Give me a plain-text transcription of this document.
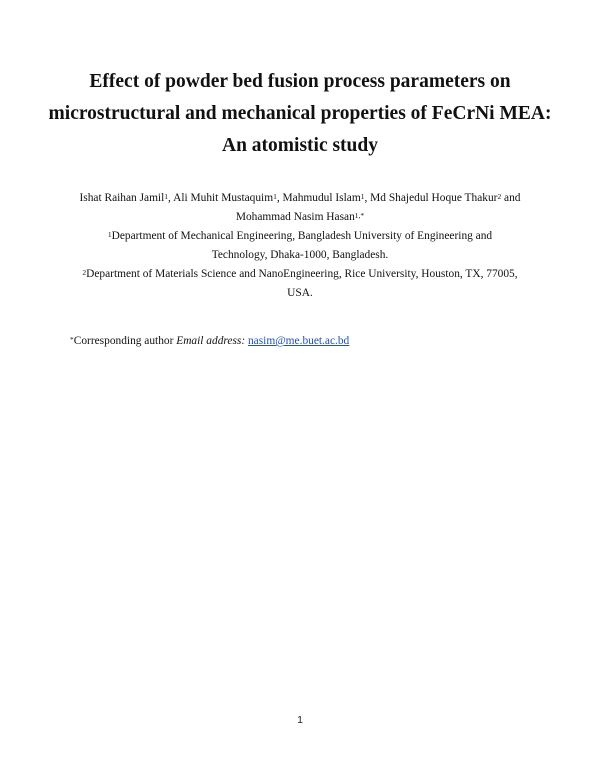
Effect of powder bed fusion process parameters on
microstructural and mechanical properties of FeCrNi MEA:
An atomistic study
Ishat Raihan Jamil$^1$, Ali Muhit Mustaquim$^1$, Mahmudul Islam$^1$, Md Shajedul Hoque Thakur$^2$ and
Mohammad Nasim Hasan$^{1,*}$
$^1$Department of Mechanical Engineering, Bangladesh University of Engineering and
Technology, Dhaka-1000, Bangladesh.
$^2$Department of Materials Science and NanoEngineering, Rice University, Houston, TX, 77005,
USA.
*Corresponding author Email address: nasim@me.buet.ac.bd
1
